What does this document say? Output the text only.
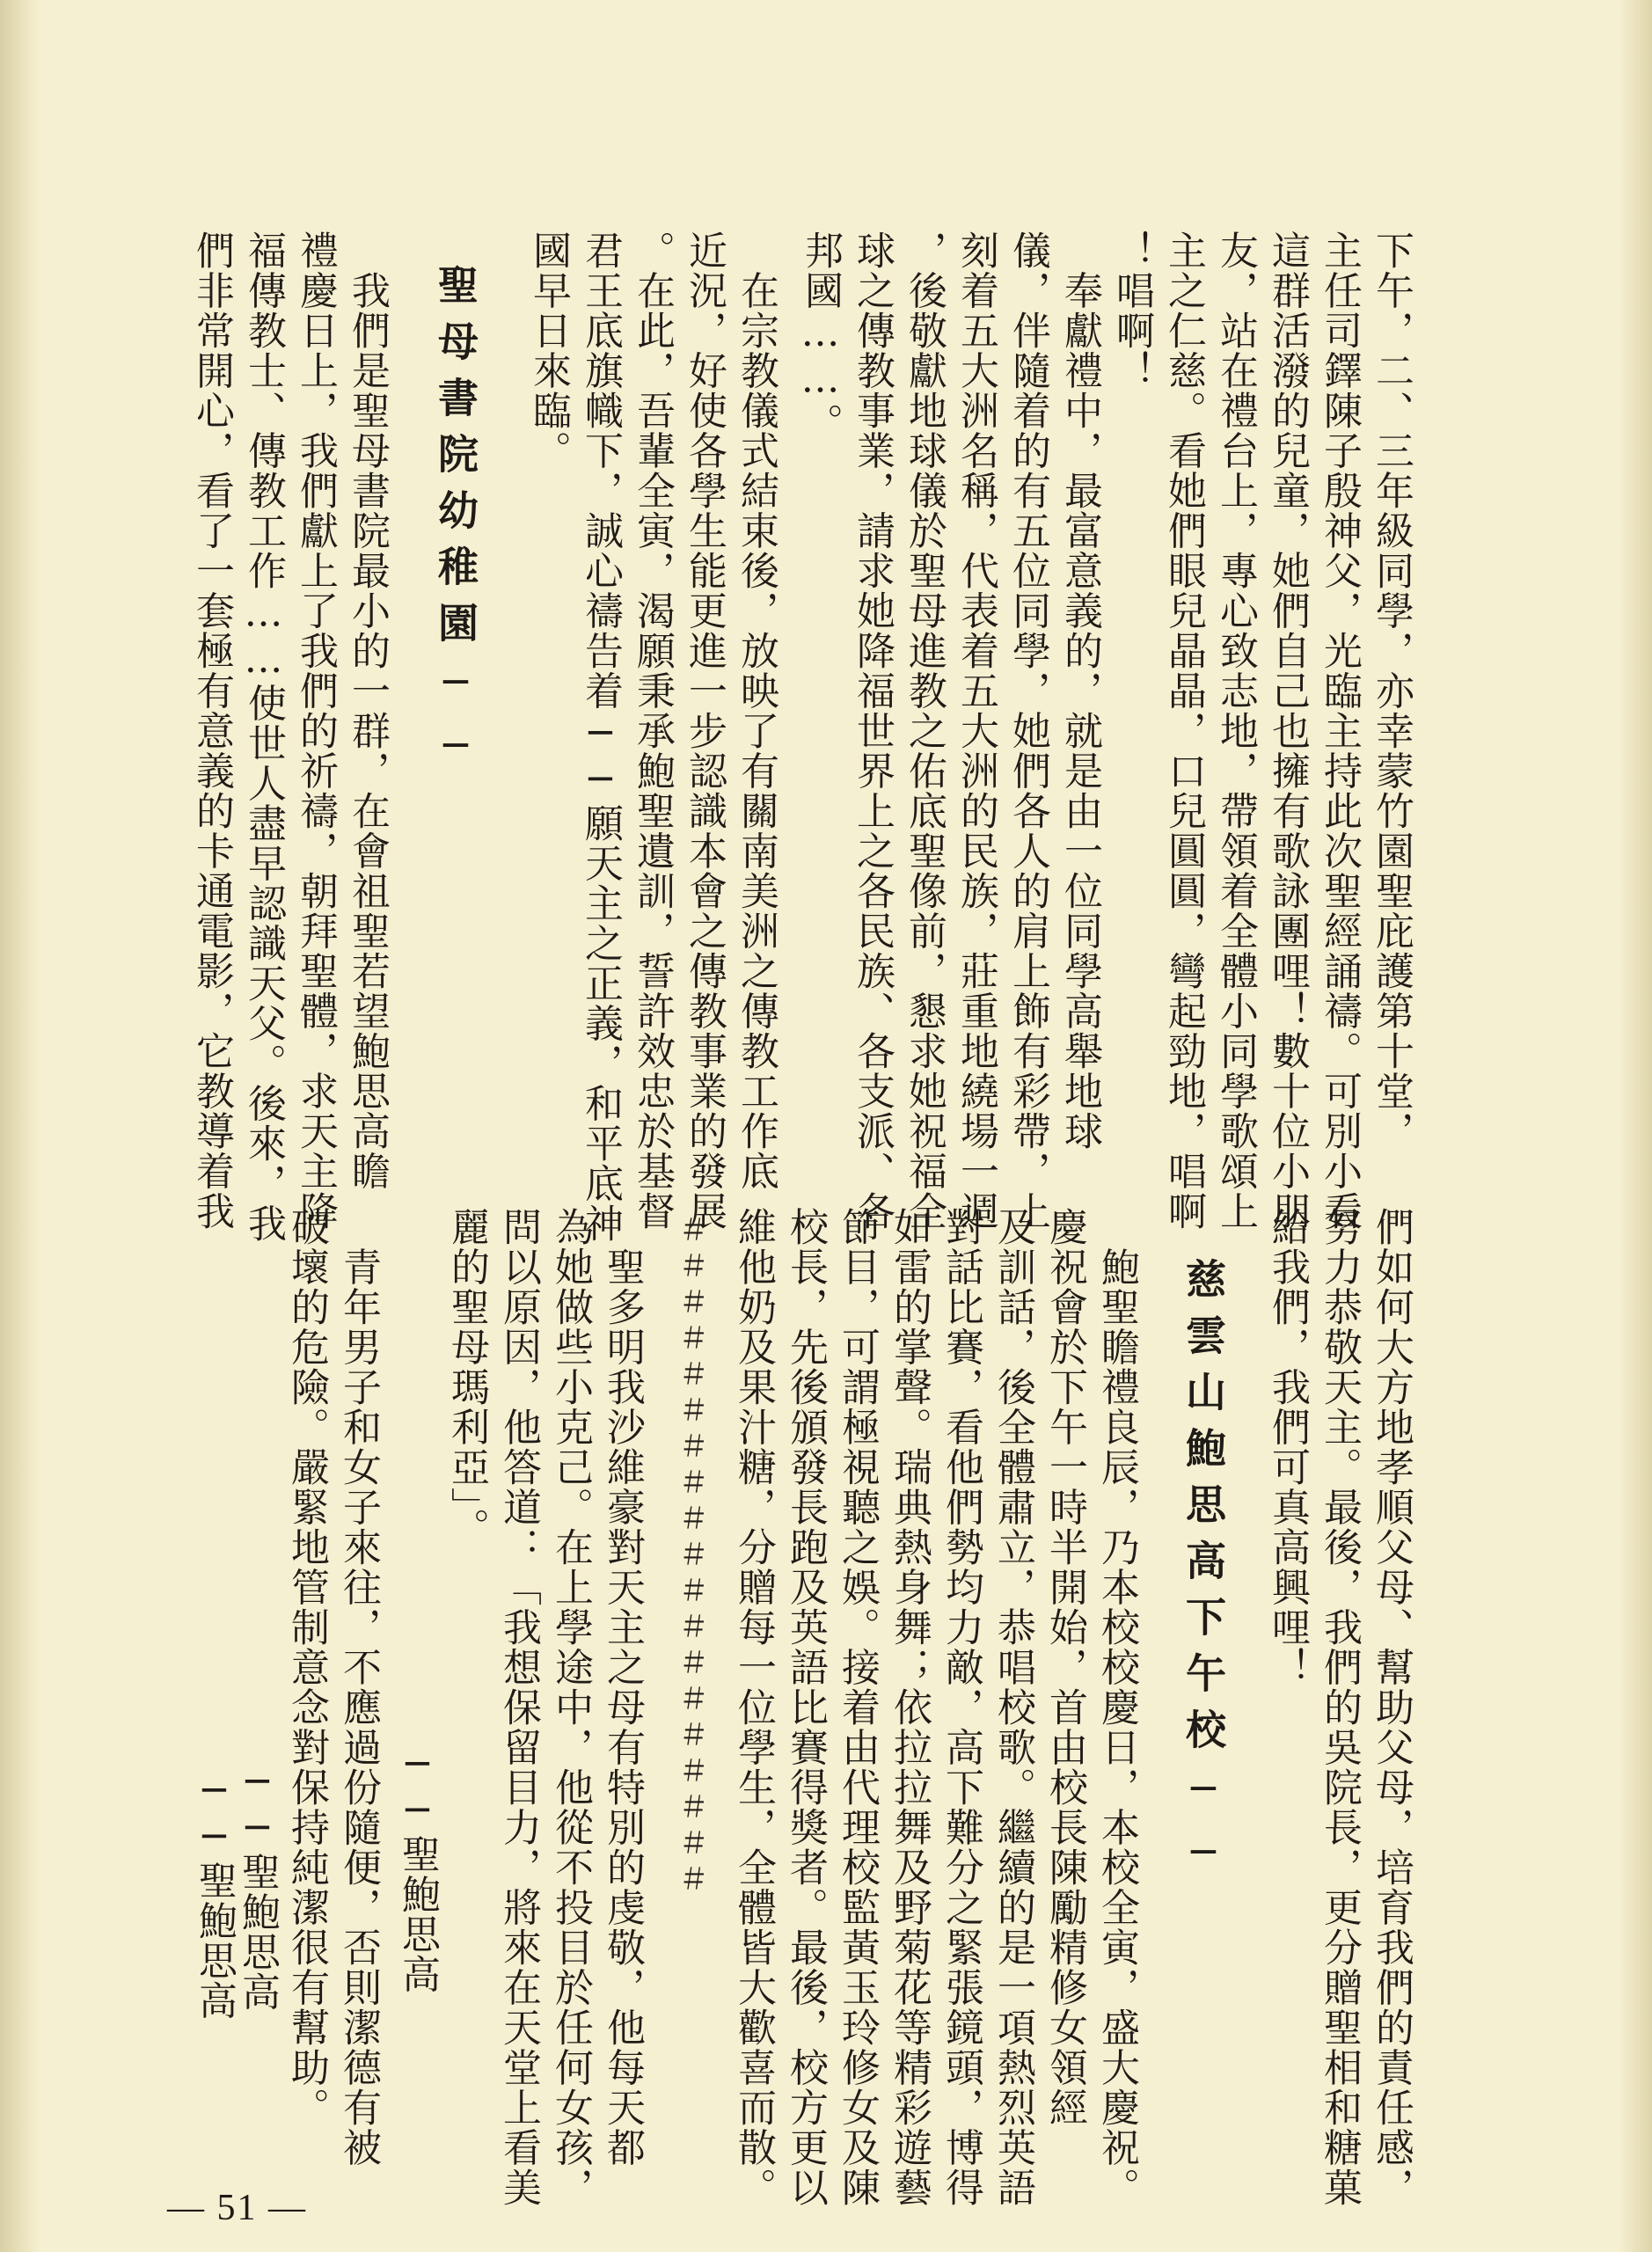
下午，二、三年級同學，亦幸蒙竹園聖庇護第十堂，
主任司鐸陳子殷神父，光臨主持此次聖經誦禱。可別小看
這群活潑的兒童，她們自己也擁有歌詠團哩！數十位小朋
友，站在禮台上，專心致志地，帶領着全體小同學歌頌上
主之仁慈。看她們眼兒晶晶，口兒圓圓，彎起勁地，唱啊
！唱啊！
　奉獻禮中，最富意義的，就是由一位同學高舉地球
儀，伴隨着的有五位同學，她們各人的肩上飾有彩帶，上
刻着五大洲名稱，代表着五大洲的民族，莊重地繞場一週
，後敬獻地球儀於聖母進教之佑底聖像前，懇求她祝福全
球之傳教事業，請求她降福世界上之各民族、各支派、各
邦國……。
　在宗教儀式結束後，放映了有關南美洲之傳教工作底
近況，好使各學生能更進一步認識本會之傳教事業的發展
。在此，吾輩全寅，渴願秉承鮑聖遺訓，誓許效忠於基督
君王底旗幟下，誠心禱告着──願天主之正義，和平底神
國早日來臨。
聖母書院幼稚園──
　我們是聖母書院最小的一群，在會祖聖若望鮑思高瞻
禮慶日上，我們獻上了我們的祈禱，朝拜聖體，求天主降
福傳教士、傳教工作……使世人盡早認識天父。後來，我
們非常開心，看了一套極有意義的卡通電影，它教導着我
們如何大方地孝順父母、幫助父母，培育我們的責任感，
努力恭敬天主。最後，我們的吳院長，更分贈聖相和糖菓
給我們，我們可真高興哩！
慈雲山鮑思高下午校──
　鮑聖瞻禮良辰，乃本校校慶日，本校全寅，盛大慶祝。
慶祝會於下午一時半開始，首由校長陳勵精修女領經
及訓話，後全體肅立，恭唱校歌。繼續的是一項熱烈英語
對話比賽，看他們勢均力敵，高下難分之緊張鏡頭，博得
如雷的掌聲。瑞典熱身舞；依拉拉舞及野菊花等精彩遊藝
節目，可謂極視聽之娛。接着由代理校監黃玉玲修女及陳
校長，先後頒發長跑及英語比賽得獎者。最後，校方更以
維他奶及果汁糖，分贈每一位學生，全體皆大歡喜而散。
＃＃＃＃＃＃＃＃＃＃＃＃＃＃＃＃＃＃＃
　聖多明我沙維豪對天主之母有特別的虔敬，他每天都
為她做些小克己。在上學途中，他從不投目於任何女孩，
問以原因，他答道：「我想保留目力，將來在天堂上看美
麗的聖母瑪利亞」。
──聖鮑思高
　青年男子和女子來往，不應過份隨便，否則潔德有被
破壞的危險。嚴緊地管制意念對保持純潔很有幫助。
──聖鮑思高
──聖鮑思高
— 51 —
